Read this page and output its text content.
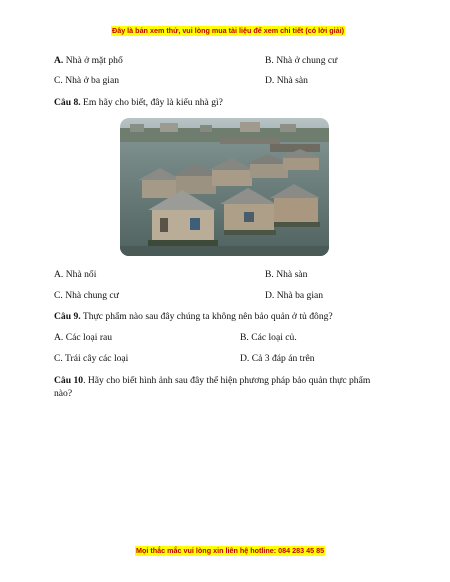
Đây là bản xem thử, vui lòng mua tài liệu để xem chi tiết (có lời giải)
A. Nhà ở mặt phố	B. Nhà ở chung cư
C. Nhà ở ba gian	D. Nhà sàn
Câu 8. Em hãy cho biết, đây là kiểu nhà gì?
A. Nhà nổi	B. Nhà sàn
C. Nhà chung cư	D. Nhà ba gian
Câu 9. Thực phẩm nào sau đây chúng ta không nên bảo quản ở tủ đông?
A. Các loại rau	B. Các loại củ.
C. Trái cây các loại	D. Cả 3 đáp án trên
Câu 10. Hãy cho biết hình ảnh sau đây thể hiện phương pháp bảo quản thực phẩm
nào?
Mọi thắc mắc vui lòng xin liên hệ hotline: 084 283 45 85
